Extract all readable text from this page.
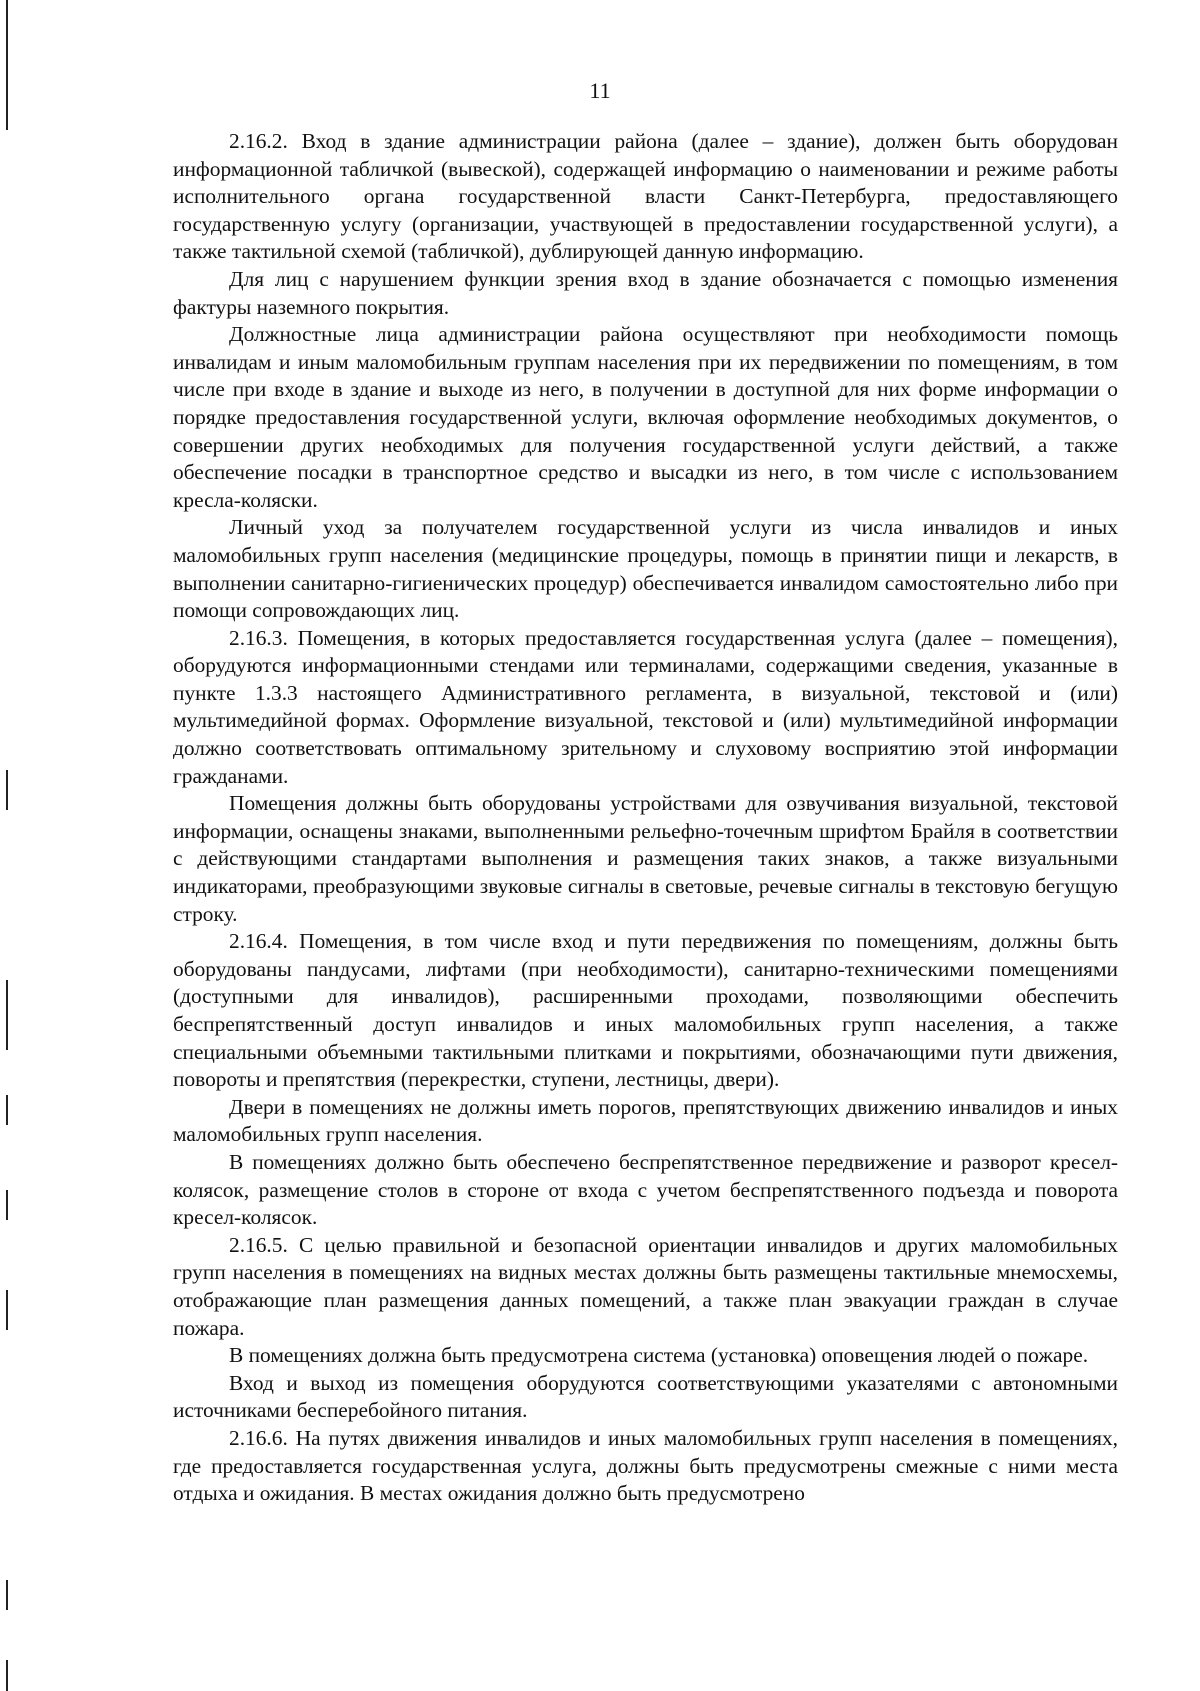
11

2.16.2. Вход в здание администрации района (далее – здание), должен быть оборудован информационной табличкой (вывеской), содержащей информацию о наименовании и режиме работы исполнительного органа государственной власти Санкт-Петербурга, предоставляющего государственную услугу (организации, участвующей в предоставлении государственной услуги), а также тактильной схемой (табличкой), дублирующей данную информацию.

Для лиц с нарушением функции зрения вход в здание обозначается с помощью изменения фактуры наземного покрытия.

Должностные лица администрации района осуществляют при необходимости помощь инвалидам и иным маломобильным группам населения при их передвижении по помещениям, в том числе при входе в здание и выходе из него, в получении в доступной для них форме информации о порядке предоставления государственной услуги, включая оформление необходимых документов, о совершении других необходимых для получения государственной услуги действий, а также обеспечение посадки в транспортное средство и высадки из него, в том числе с использованием кресла-коляски.

Личный уход за получателем государственной услуги из числа инвалидов и иных маломобильных групп населения (медицинские процедуры, помощь в принятии пищи и лекарств, в выполнении санитарно-гигиенических процедур) обеспечивается инвалидом самостоятельно либо при помощи сопровождающих лиц.

2.16.3. Помещения, в которых предоставляется государственная услуга (далее – помещения), оборудуются информационными стендами или терминалами, содержащими сведения, указанные в пункте 1.3.3 настоящего Административного регламента, в визуальной, текстовой и (или) мультимедийной формах. Оформление визуальной, текстовой и (или) мультимедийной информации должно соответствовать оптимальному зрительному и слуховому восприятию этой информации гражданами.

Помещения должны быть оборудованы устройствами для озвучивания визуальной, текстовой информации, оснащены знаками, выполненными рельефно-точечным шрифтом Брайля в соответствии с действующими стандартами выполнения и размещения таких знаков, а также визуальными индикаторами, преобразующими звуковые сигналы в световые, речевые сигналы в текстовую бегущую строку.

2.16.4. Помещения, в том числе вход и пути передвижения по помещениям, должны быть оборудованы пандусами, лифтами (при необходимости), санитарно-техническими помещениями (доступными для инвалидов), расширенными проходами, позволяющими обеспечить беспрепятственный доступ инвалидов и иных маломобильных групп населения, а также специальными объемными тактильными плитками и покрытиями, обозначающими пути движения, повороты и препятствия (перекрестки, ступени, лестницы, двери).

Двери в помещениях не должны иметь порогов, препятствующих движению инвалидов и иных маломобильных групп населения.

В помещениях должно быть обеспечено беспрепятственное передвижение и разворот кресел-колясок, размещение столов в стороне от входа с учетом беспрепятственного подъезда и поворота кресел-колясок.

2.16.5. С целью правильной и безопасной ориентации инвалидов и других маломобильных групп населения в помещениях на видных местах должны быть размещены тактильные мнемосхемы, отображающие план размещения данных помещений, а также план эвакуации граждан в случае пожара.

В помещениях должна быть предусмотрена система (установка) оповещения людей о пожаре.

Вход и выход из помещения оборудуются соответствующими указателями с автономными источниками бесперебойного питания.

2.16.6. На путях движения инвалидов и иных маломобильных групп населения в помещениях, где предоставляется государственная услуга, должны быть предусмотрены смежные с ними места отдыха и ожидания. В местах ожидания должно быть предусмотрено
